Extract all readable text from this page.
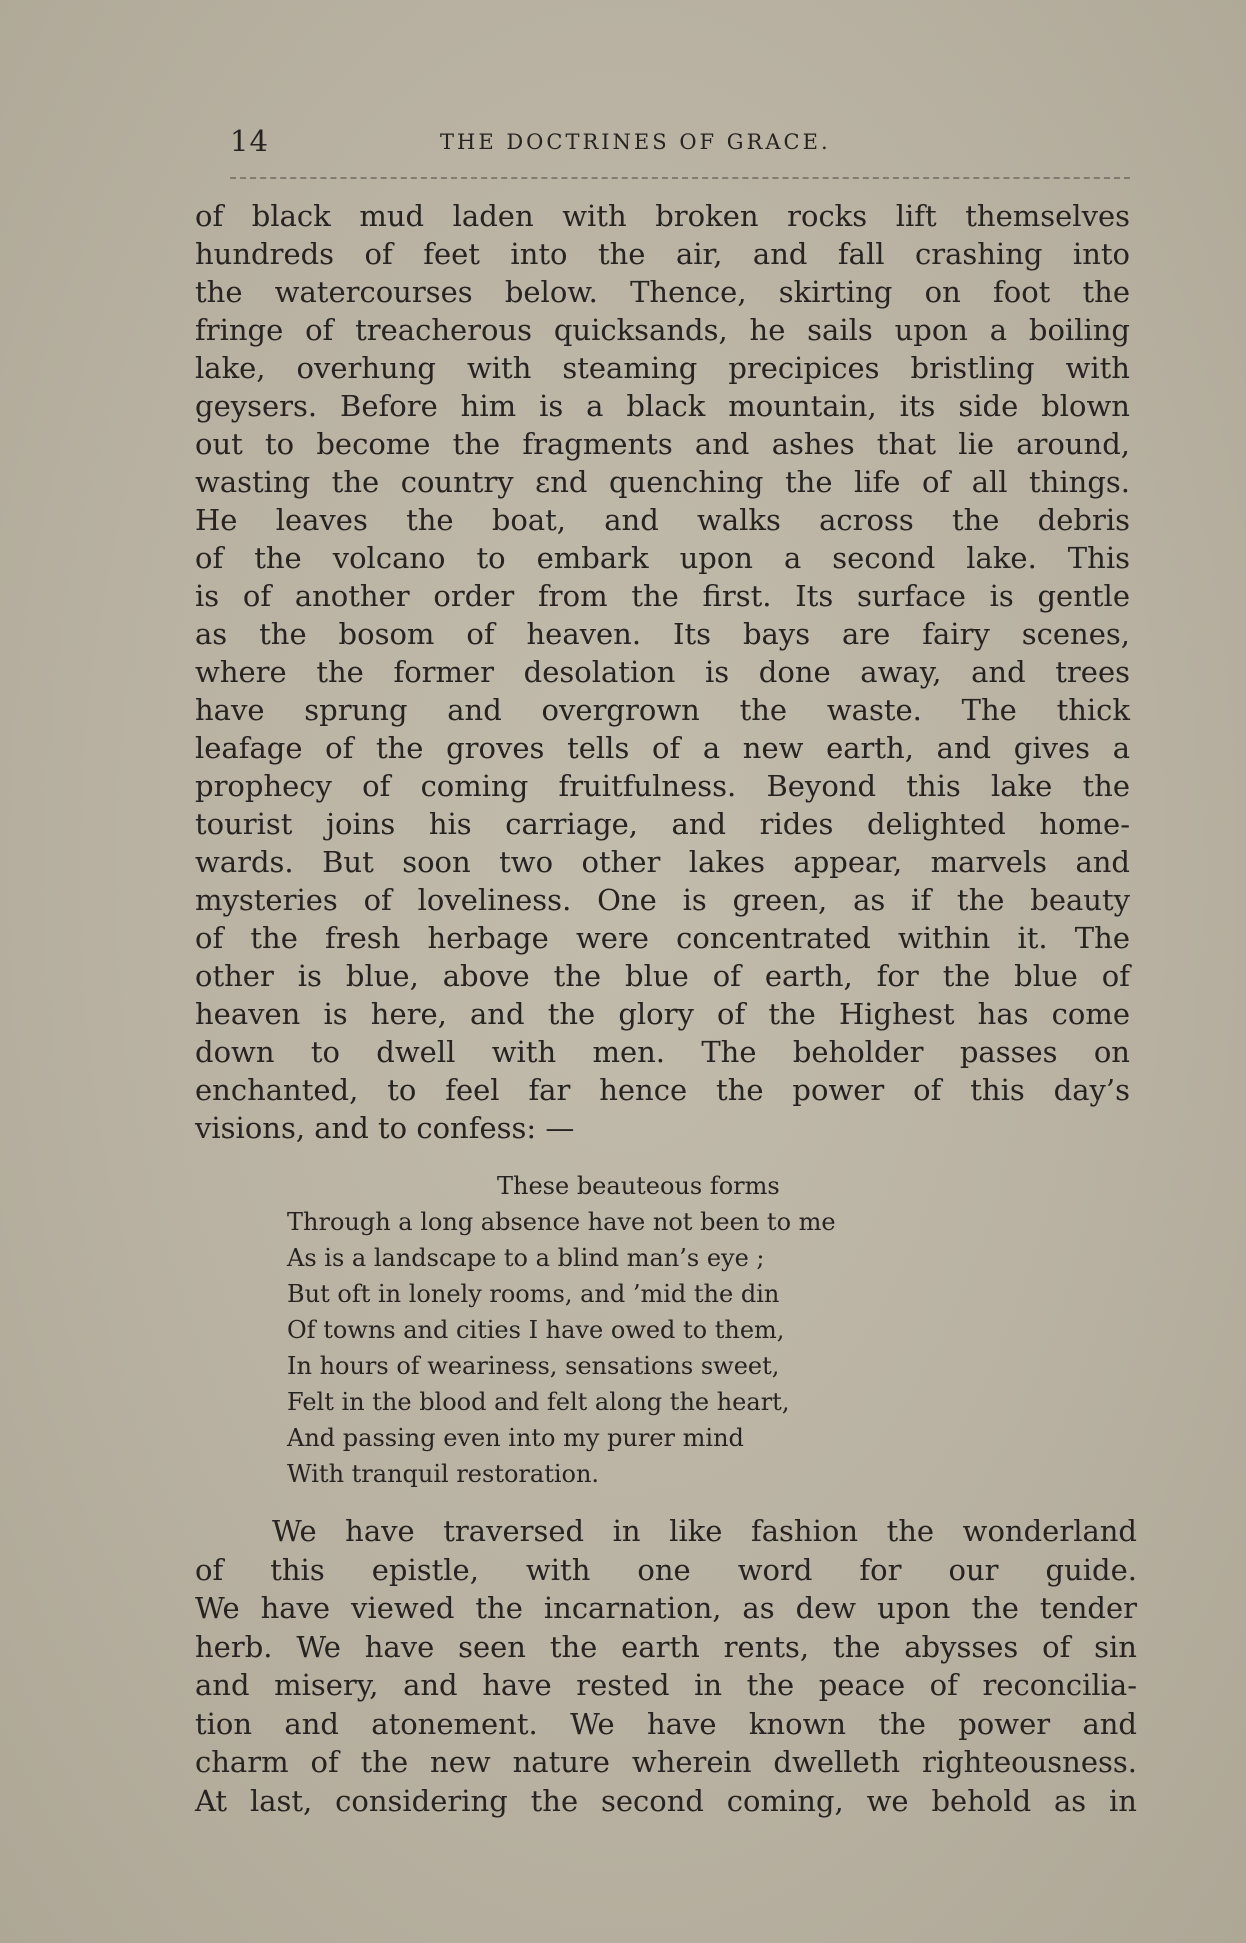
14	THE DOCTRINES OF GRACE.
of black mud laden with broken rocks lift themselves
hundreds of feet into the air, and fall crashing into
the watercourses below. Thence, skirting on foot the
fringe of treacherous quicksands, he sails upon a boiling
lake, overhung with steaming precipices bristling with
geysers. Before him is a black mountain, its side blown
out to become the fragments and ashes that lie around,
wasting the country ɛnd quenching the life of all things.
He leaves the boat, and walks across the debris
of the volcano to embark upon a second lake. This
is of another order from the first. Its surface is gentle
as the bosom of heaven. Its bays are fairy scenes,
where the former desolation is done away, and trees
have sprung and overgrown the waste. The thick
leafage of the groves tells of a new earth, and gives a
prophecy of coming fruitfulness. Beyond this lake the
tourist joins his carriage, and rides delighted home-
wards. But soon two other lakes appear, marvels and
mysteries of loveliness. One is green, as if the beauty
of the fresh herbage were concentrated within it. The
other is blue, above the blue of earth, for the blue of
heaven is here, and the glory of the Highest has come
down to dwell with men. The beholder passes on
enchanted, to feel far hence the power of this day’s
visions, and to confess: —
These beauteous forms
Through a long absence have not been to me
As is a landscape to a blind man’s eye ;
But oft in lonely rooms, and ’mid the din
Of towns and cities I have owed to them,
In hours of weariness, sensations sweet,
Felt in the blood and felt along the heart,
And passing even into my purer mind
With tranquil restoration.
We have traversed in like fashion the wonderland
of this epistle, with one word for our guide.
We have viewed the incarnation, as dew upon the tender
herb. We have seen the earth rents, the abysses of sin
and misery, and have rested in the peace of reconcilia-
tion and atonement. We have known the power and
charm of the new nature wherein dwelleth righteousness.
At last, considering the second coming, we behold as in
